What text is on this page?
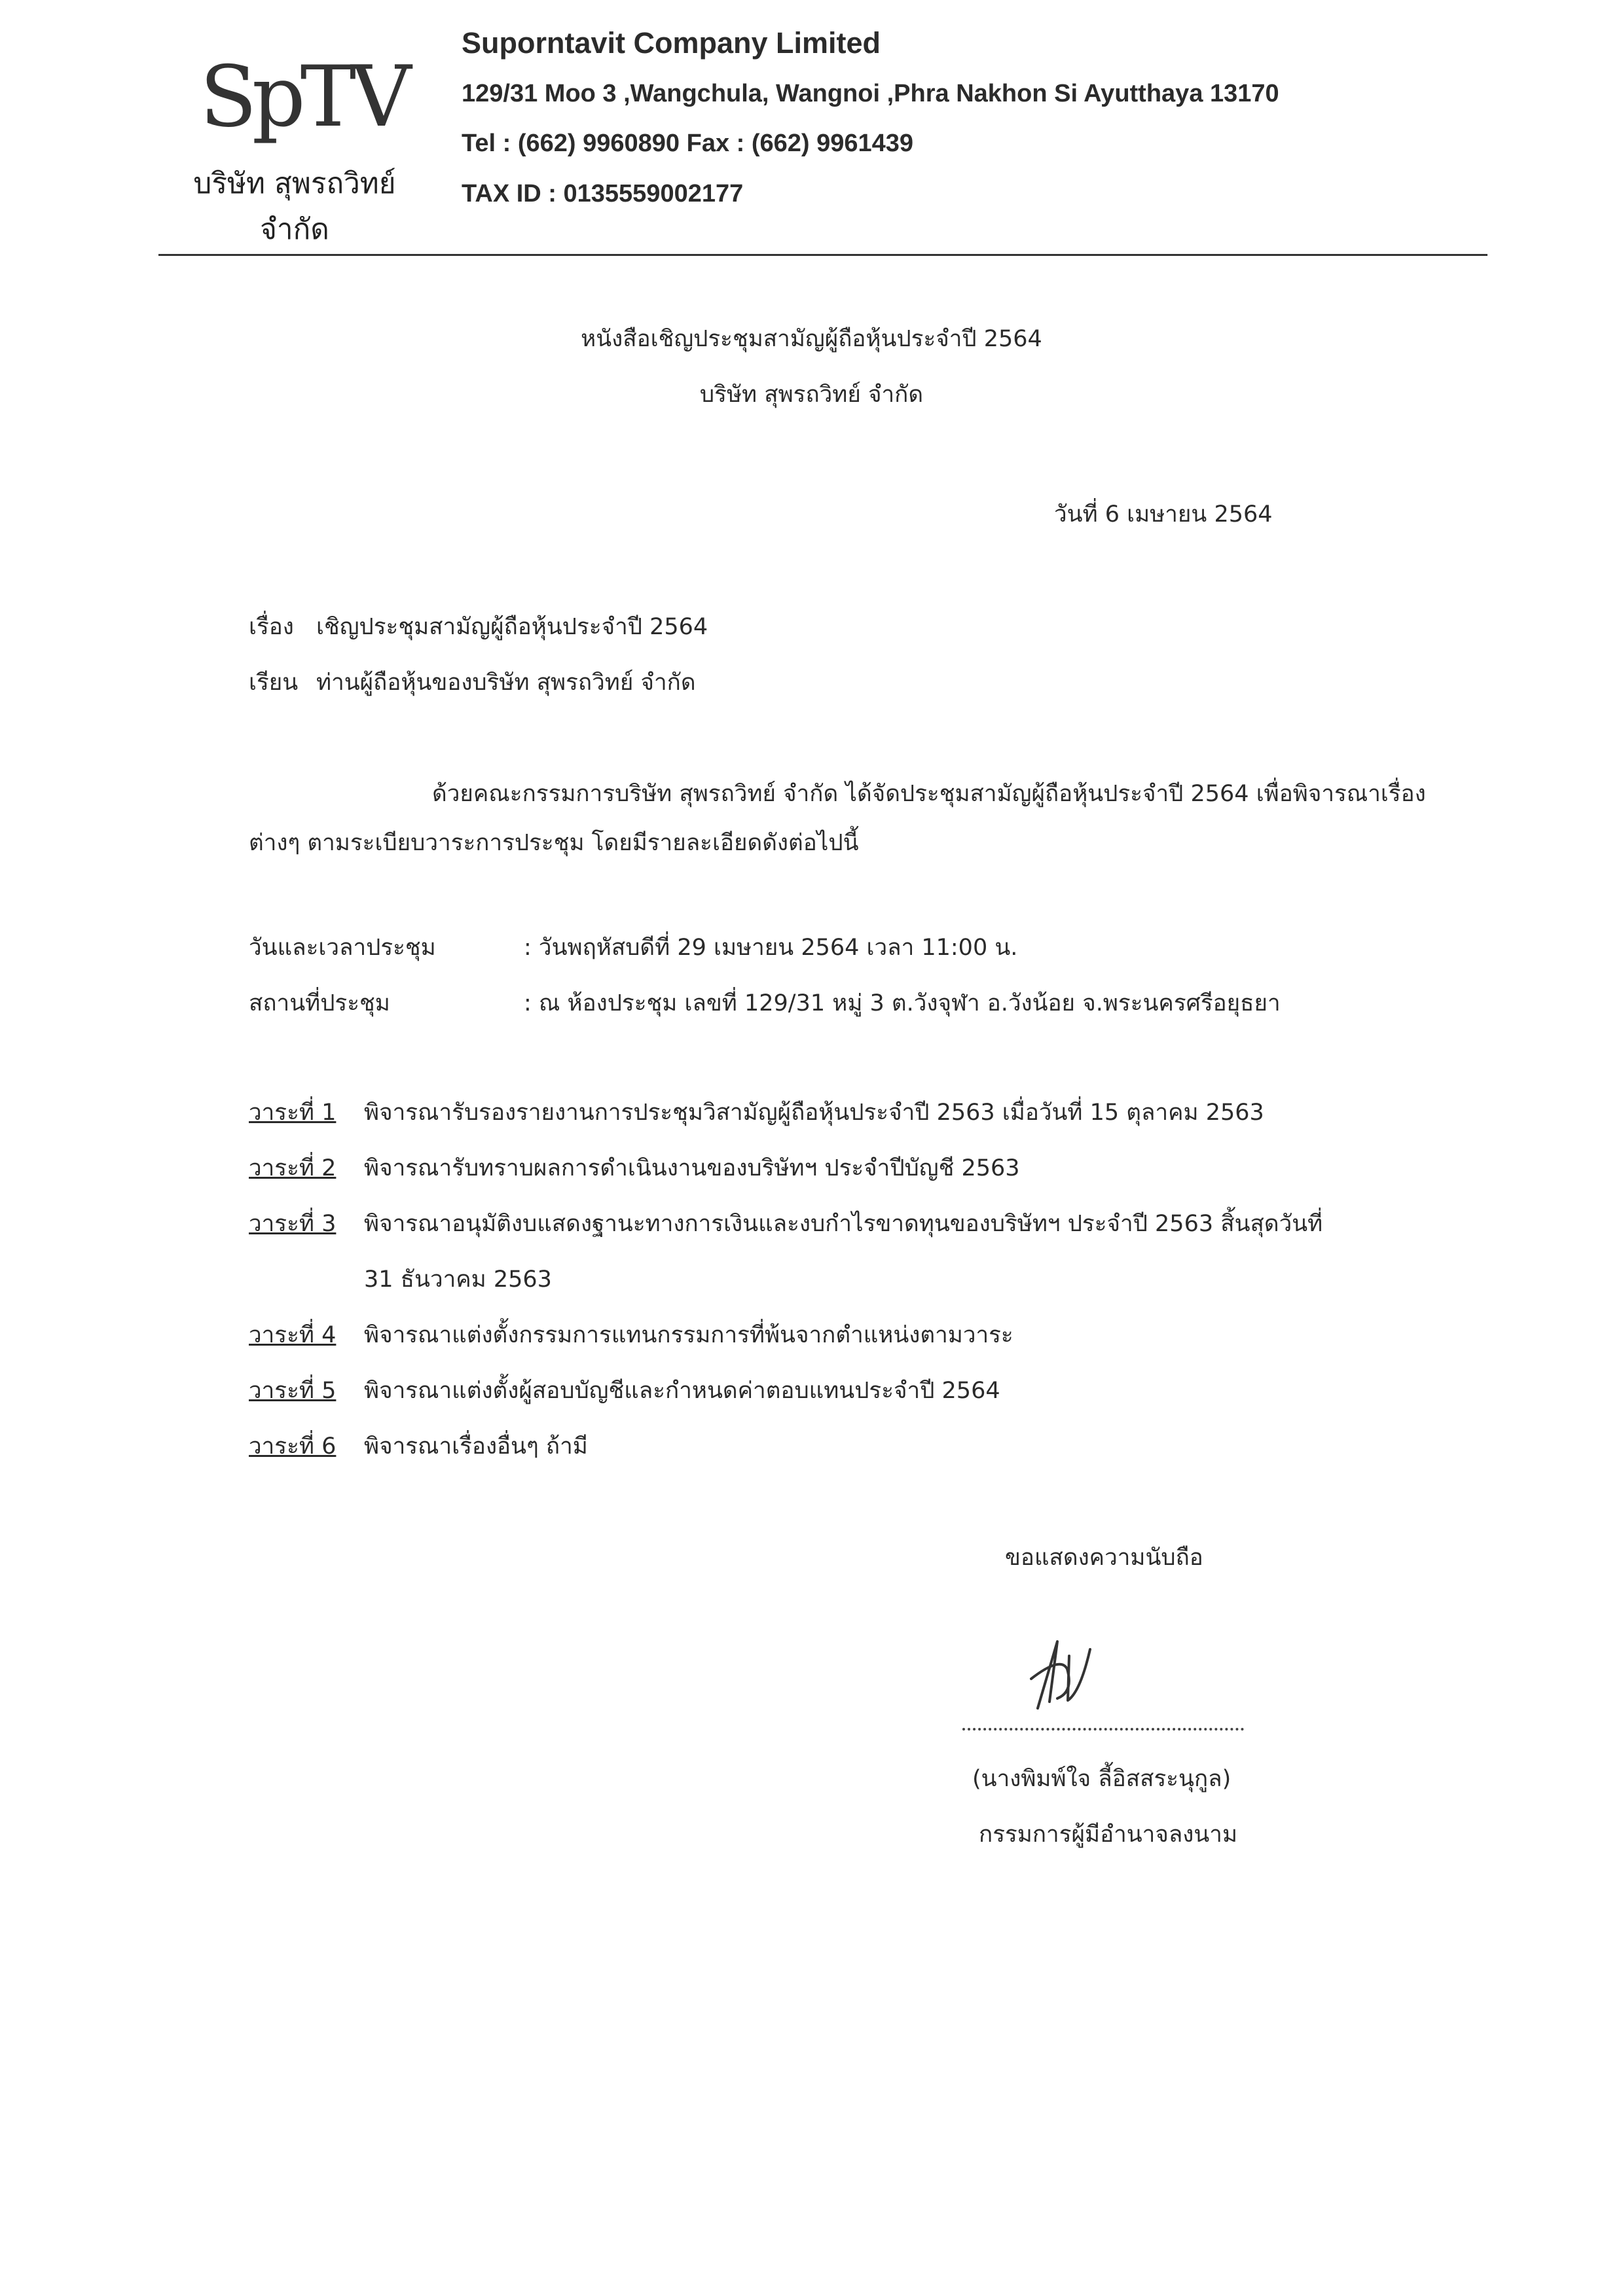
SpTV
บริษัท สุพรถวิทย์ จำกัด
Suporntavit Company Limited
129/31 Moo 3 ,Wangchula, Wangnoi ,Phra Nakhon Si Ayutthaya 13170
Tel : (662) 9960890 Fax : (662) 9961439
TAX ID : 0135559002177
หนังสือเชิญประชุมสามัญผู้ถือหุ้นประจำปี 2564
บริษัท สุพรถวิทย์ จำกัด
วันที่ 6 เมษายน 2564
เรื่อง เชิญประชุมสามัญผู้ถือหุ้นประจำปี 2564
เรียน ท่านผู้ถือหุ้นของบริษัท สุพรถวิทย์ จำกัด
ด้วยคณะกรรมการบริษัท สุพรถวิทย์ จำกัด ได้จัดประชุมสามัญผู้ถือหุ้นประจำปี 2564 เพื่อพิจารณาเรื่อง
ต่างๆ ตามระเบียบวาระการประชุม โดยมีรายละเอียดดังต่อไปนี้
วันและเวลาประชุม	: วันพฤหัสบดีที่ 29 เมษายน 2564 เวลา 11:00 น.
สถานที่ประชุม	: ณ ห้องประชุม เลขที่ 129/31 หมู่ 3 ต.วังจุฬา อ.วังน้อย จ.พระนครศรีอยุธยา
วาระที่ 1 พิจารณารับรองรายงานการประชุมวิสามัญผู้ถือหุ้นประจำปี 2563 เมื่อวันที่ 15 ตุลาคม 2563
วาระที่ 2 พิจารณารับทราบผลการดำเนินงานของบริษัทฯ ประจำปีบัญชี 2563
วาระที่ 3 พิจารณาอนุมัติงบแสดงฐานะทางการเงินและงบกำไรขาดทุนของบริษัทฯ ประจำปี 2563 สิ้นสุดวันที่
31 ธันวาคม 2563
วาระที่ 4 พิจารณาแต่งตั้งกรรมการแทนกรรมการที่พ้นจากตำแหน่งตามวาระ
วาระที่ 5 พิจารณาแต่งตั้งผู้สอบบัญชีและกำหนดค่าตอบแทนประจำปี 2564
วาระที่ 6 พิจารณาเรื่องอื่นๆ ถ้ามี
ขอแสดงความนับถือ
(นางพิมพ์ใจ ลี้อิสสระนุกูล)
กรรมการผู้มีอำนาจลงนาม
